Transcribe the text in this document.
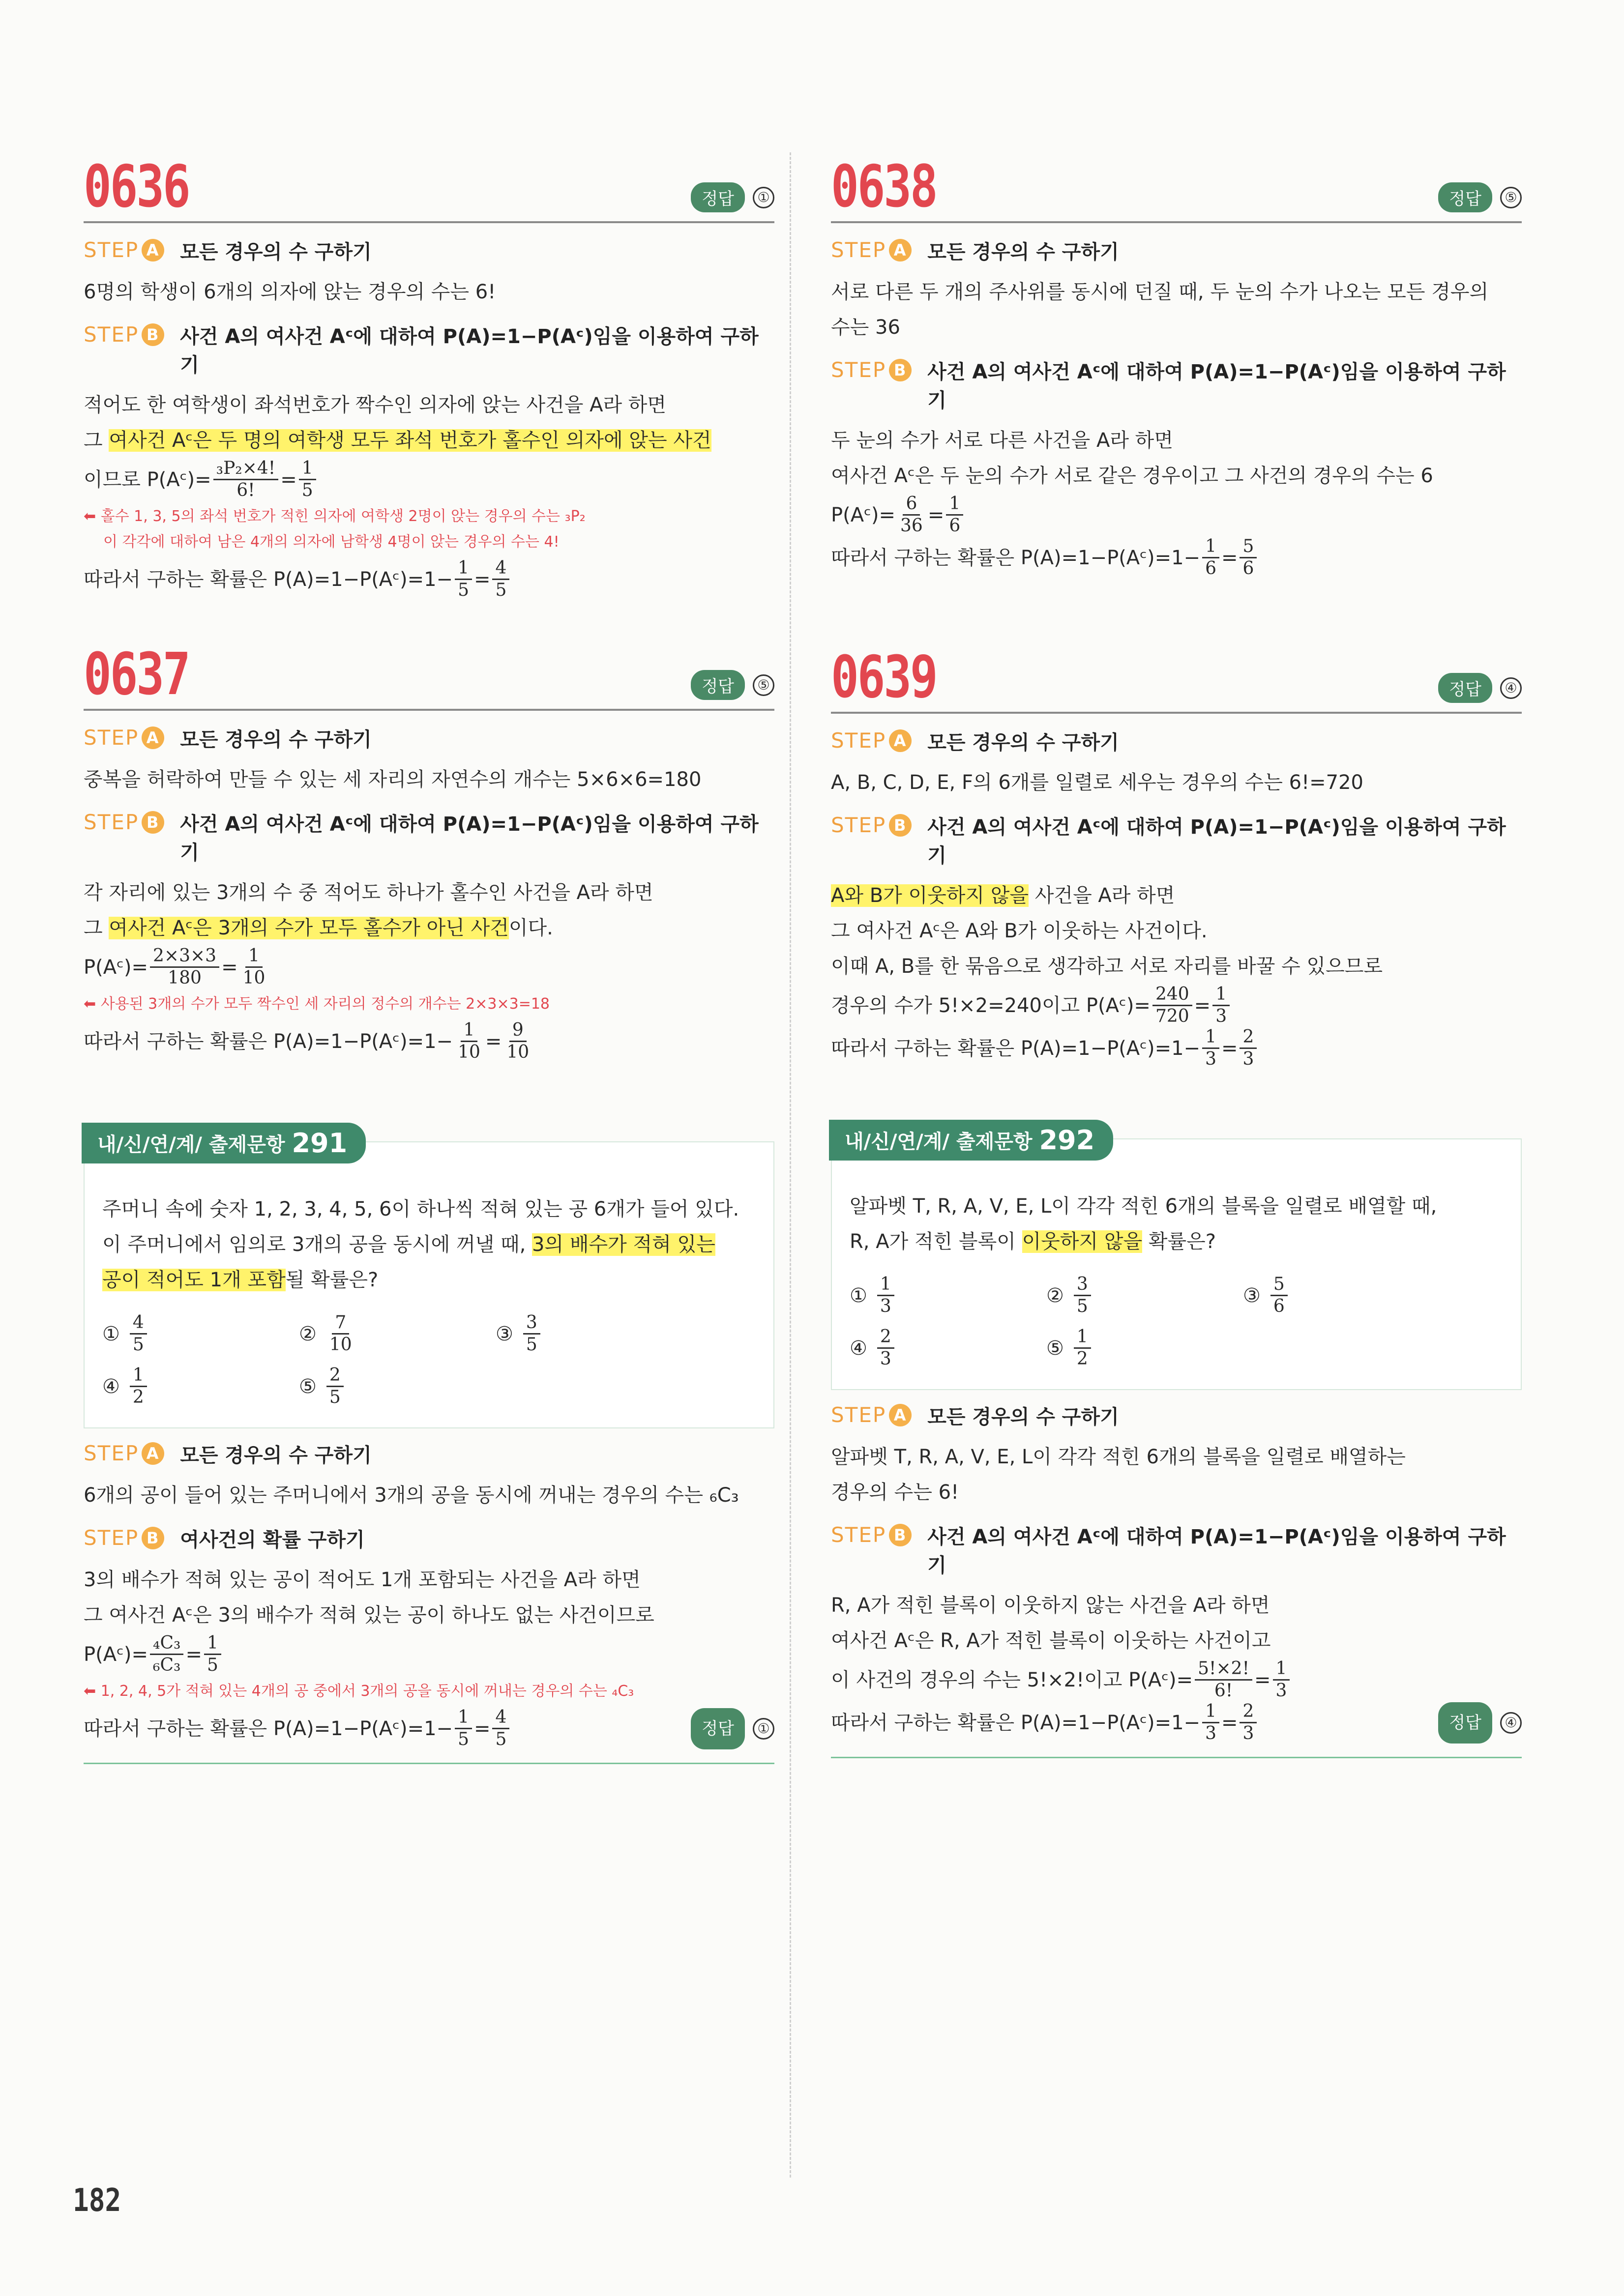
0636	정답	①
STEP A 모든 경우의 수 구하기

6명의 학생이 6개의 의자에 앉는 경우의 수는 6!

STEP B 사건 A의 여사건 Aᶜ에 대하여 P(A)=1−P(Aᶜ)임을 이용하여 구하기

적어도 한 여학생이 좌석번호가 짝수인 의자에 앉는 사건을 A라 하면

그 여사건 Aᶜ은 두 명의 여학생 모두 좌석 번호가 홀수인 의자에 앉는 사건

이므로 P(Aᶜ)= $\frac{\text{₃P₂×4!}}{6!} = \frac{1}{5}$

⬅ 홀수 1, 3, 5의 좌석 번호가 적힌 의자에 여학생 2명이 앉는 경우의 수는 ₃P₂
이 각각에 대하여 남은 4개의 의자에 남학생 4명이 앉는 경우의 수는 4!

따라서 구하는 확률은 P(A)=1−P(Aᶜ)=1− $\frac{1}{5} = \frac{4}{5}$
0637	정답	⑤
STEP A 모든 경우의 수 구하기

중복을 허락하여 만들 수 있는 세 자리의 자연수의 개수는 5×6×6=180

STEP B 사건 A의 여사건 Aᶜ에 대하여 P(A)=1−P(Aᶜ)임을 이용하여 구하기

각 자리에 있는 3개의 수 중 적어도 하나가 홀수인 사건을 A라 하면

그 여사건 Aᶜ은 3개의 수가 모두 홀수가 아닌 사건이다.

P(Aᶜ)= $\frac{2\times 3\times 3}{180} = \frac{1}{10}$

⬅ 사용된 3개의 수가 모두 짝수인 세 자리의 정수의 개수는 2×3×3=18

따라서 구하는 확률은 P(A)=1−P(Aᶜ)=1− $\frac{1}{10} = \frac{9}{10}$
내/신/연/계/ 출제문항 291

주머니 속에 숫자 1, 2, 3, 4, 5, 6이 하나씩 적혀 있는 공 6개가 들어 있다.

이 주머니에서 임의로 3개의 공을 동시에 꺼낼 때, 3의 배수가 적혀 있는

공이 적어도 1개 포함될 확률은?

① $\frac{4}{5}$	② $\frac{7}{10}$	③ $\frac{3}{5}$
④ $\frac{1}{2}$	⑤ $\frac{2}{5}$
STEP A 모든 경우의 수 구하기

6개의 공이 들어 있는 주머니에서 3개의 공을 동시에 꺼내는 경우의 수는 ₆C₃

STEP B 여사건의 확률 구하기

3의 배수가 적혀 있는 공이 적어도 1개 포함되는 사건을 A라 하면

그 여사건 Aᶜ은 3의 배수가 적혀 있는 공이 하나도 없는 사건이므로

P(Aᶜ)= $\frac{\text{₄C₃}}{\text{₆C₃}} = \frac{1}{5}$

⬅ 1, 2, 4, 5가 적혀 있는 4개의 공 중에서 3개의 공을 동시에 꺼내는 경우의 수는 ₄C₃

따라서 구하는 확률은 P(A)=1−P(Aᶜ)=1− $\frac{1}{5} = \frac{4}{5}$	정답	①
0638	정답	⑤
STEP A 모든 경우의 수 구하기

서로 다른 두 개의 주사위를 동시에 던질 때, 두 눈의 수가 나오는 모든 경우의

수는 36

STEP B 사건 A의 여사건 Aᶜ에 대하여 P(A)=1−P(Aᶜ)임을 이용하여 구하기

두 눈의 수가 서로 다른 사건을 A라 하면

여사건 Aᶜ은 두 눈의 수가 서로 같은 경우이고 그 사건의 경우의 수는 6

P(Aᶜ)= $\frac{6}{36} = \frac{1}{6}$
따라서 구하는 확률은 P(A)=1−P(Aᶜ)=1− $\frac{1}{6} = \frac{5}{6}$
0639	정답	④
STEP A 모든 경우의 수 구하기

A, B, C, D, E, F의 6개를 일렬로 세우는 경우의 수는 6!=720

STEP B 사건 A의 여사건 Aᶜ에 대하여 P(A)=1−P(Aᶜ)임을 이용하여 구하기

A와 B가 이웃하지 않을 사건을 A라 하면

그 여사건 Aᶜ은 A와 B가 이웃하는 사건이다.

이때 A, B를 한 묶음으로 생각하고 서로 자리를 바꿀 수 있으므로

경우의 수가 5!×2=240이고 P(Aᶜ)= $\frac{240}{720} = \frac{1}{3}$
따라서 구하는 확률은 P(A)=1−P(Aᶜ)=1− $\frac{1}{3} = \frac{2}{3}$
내/신/연/계/ 출제문항 292

알파벳 T, R, A, V, E, L이 각각 적힌 6개의 블록을 일렬로 배열할 때,

R, A가 적힌 블록이 이웃하지 않을 확률은?

① $\frac{1}{3}$	② $\frac{3}{5}$	③ $\frac{5}{6}$
④ $\frac{2}{3}$	⑤ $\frac{1}{2}$
STEP A 모든 경우의 수 구하기

알파벳 T, R, A, V, E, L이 각각 적힌 6개의 블록을 일렬로 배열하는

경우의 수는 6!

STEP B 사건 A의 여사건 Aᶜ에 대하여 P(A)=1−P(Aᶜ)임을 이용하여 구하기

R, A가 적힌 블록이 이웃하지 않는 사건을 A라 하면

여사건 Aᶜ은 R, A가 적힌 블록이 이웃하는 사건이고

이 사건의 경우의 수는 5!×2!이고 P(Aᶜ)= $\frac{5!\times 2!}{6!} = \frac{1}{3}$
따라서 구하는 확률은 P(A)=1−P(Aᶜ)=1− $\frac{1}{3} = \frac{2}{3}$	정답	④
182
